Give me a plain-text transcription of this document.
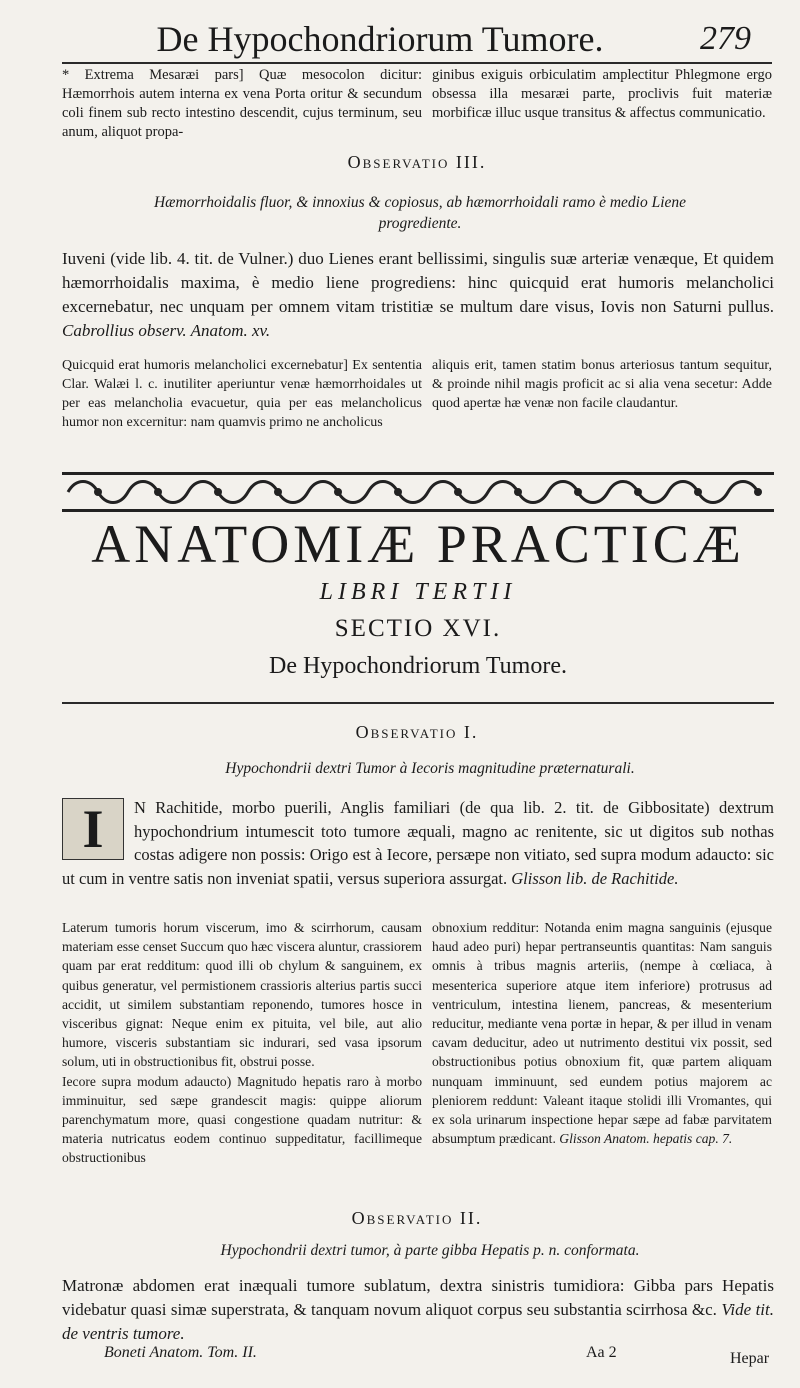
De Hypochondriorum Tumore.	279
* Extrema Mesaræi pars] Quæ mesocolon dicitur: Hæmorrhois autem interna ex vena Porta oritur & secundum coli finem sub recto intestino descendit, cujus terminum, seu anum, aliquot propa-
ginibus exiguis orbiculatim amplectitur Phlegmone ergo obsessa illa mesaræi parte, proclivis fuit materiæ morbificæ illuc usque transitus & affectus communicatio.
Observatio III.
Hæmorrhoidalis fluor, & innoxius & copiosus, ab hæmorrhoidali ramo è medio Liene progrediente.
Iuveni (vide lib. 4. tit. de Vulner.) duo Lienes erant bellissimi, singulis suæ arteriæ venæque, Et quidem hæmorrhoidalis maxima, è medio liene progrediens: hinc quicquid erat humoris melancholici excernebatur, nec unquam per omnem vitam tristitiæ se multum dare visus, Iovis non Saturni pullus. Cabrollius observ. Anatom. xv.
Quicquid erat humoris melancholici excernebatur] Ex sententia Clar. Walæi l. c. inutiliter aperiuntur venæ hæmorrhoidales ut per eas melancholia evacuetur, quia per eas melancholicus humor non excernitur: nam quamvis primo ne ancholicus
aliquis erit, tamen statim bonus arteriosus tantum sequitur, & proinde nihil magis proficit ac si alia vena secetur: Adde quod apertæ hæ venæ non facile claudantur.
ANATOMIÆ PRACTICÆ
LIBRI TERTII
SECTIO XVI.
De Hypochondriorum Tumore.
Observatio I.
Hypochondrii dextri Tumor à Iecoris magnitudine præternaturali.
I	N Rachitide, morbo puerili, Anglis familiari (de qua lib. 2. tit. de Gibbositate) dextrum hypochondrium intumescit toto tumore æquali, magno ac renitente, sic ut digitos sub nothas costas adigere non possis: Origo est à Iecore, persæpe non vitiato, sed supra modum adaucto: sic ut cum in ventre satis non inveniat spatii, versus superiora assurgat. Glisson lib. de Rachitide.
Laterum tumoris horum viscerum, imo & scirrhorum, causam materiam esse censet Succum quo hæc viscera aluntur, crassiorem quam par erat redditum: quod illi ob chylum & sanguinem, ex quibus generatur, vel permistionem crassioris alterius partis succi accidit, ut similem substantiam reponendo, tumores hosce in visceribus gignat: Neque enim ex pituita, vel bile, aut alio humore, visceris substantiam sic indurari, sed vasa ipsorum solum, uti in obstructionibus fit, obstrui posse.
Iecore supra modum adaucto) Magnitudo hepatis raro à morbo imminuitur, sed sæpe grandescit magis: quippe aliorum parenchymatum more, quasi congestione quadam nutritur: & materia nutricatus eodem continuo suppeditatur, facillimeque obstructionibus
obnoxium redditur: Notanda enim magna sanguinis (ejusque haud adeo puri) hepar pertranseuntis quantitas: Nam sanguis omnis à tribus magnis arteriis, (nempe à cœliaca, à mesenterica superiore atque item inferiore) protrusus ad ventriculum, intestina lienem, pancreas, & mesenterium reducitur, mediante vena portæ in hepar, & per illud in venam cavam deducitur, adeo ut nutrimento destitui vix possit, sed obstructionibus potius obnoxium fit, quæ partem aliquam nunquam imminuunt, sed eundem potius majorem ac pleniorem reddunt: Valeant itaque stolidi illi Vromantes, qui ex sola urinarum inspectione hepar sæpe ad fabæ parvitatem absumptum prædicant. Glisson Anatom. hepatis cap. 7.
Observatio II.
Hypochondrii dextri tumor, à parte gibba Hepatis p. n. conformata.
Matronæ abdomen erat inæquali tumore sublatum, dextra sinistris tumidiora: Gibba pars Hepatis videbatur quasi simæ superstrata, & tanquam novum aliquot corpus seu substantia scirrhosa &c. Vide tit. de ventris tumore.
Boneti Anatom. Tom. II.	Aa 2	Hepar
